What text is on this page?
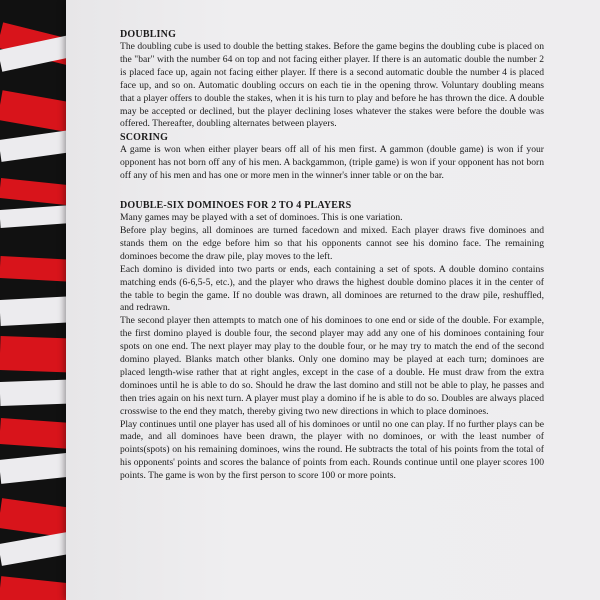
DOUBLING

The doubling cube is used to double the betting stakes. Before the game begins the doubling cube is placed on the "bar" with the number 64 on top and not facing either player. If there is an automatic double the number 2 is placed face up, again not facing either player. If there is a second automatic double the number 4 is placed face up, and so on. Automatic doubling occurs on each tie in the opening throw. Voluntary doubling means that a player offers to double the stakes, when it is his turn to play and before he has thrown the dice. A double may be accepted or declined, but the player declining loses whatever the stakes were before the double was offered. Thereafter, doubling alternates between players.

SCORING

A game is won when either player bears off all of his men first. A gammon (double game) is won if your opponent has not born off any of his men. A backgammon, (triple game) is won if your opponent has not born off any of his men and has one or more men in the winner's inner table or on the bar.

DOUBLE-SIX DOMINOES FOR 2 TO 4 PLAYERS

Many games may be played with a set of dominoes. This is one variation.

Before play begins, all dominoes are turned facedown and mixed. Each player draws five dominoes and stands them on the edge before him so that his opponents cannot see his domino face. The remaining dominoes become the draw pile, play moves to the left.

Each domino is divided into two parts or ends, each containing a set of spots. A double domino contains matching ends (6-6,5-5, etc.), and the player who draws the highest double domino places it in the center of the table to begin the game. If no double was drawn, all dominoes are returned to the draw pile, reshuffled, and redrawn.

The second player then attempts to match one of his dominoes to one end or side of the double. For example, the first domino played is double four, the second player may add any one of his dominoes containing four spots on one end. The next player may play to the double four, or he may try to match the end of the second domino played. Blanks match other blanks. Only one domino may be played at each turn; dominoes are placed length-wise rather that at right angles, except in the case of a double. He must draw from the extra dominoes until he is able to do so. Should he draw the last domino and still not be able to play, he passes and then tries again on his next turn. A player must play a domino if he is able to do so. Doubles are always placed crosswise to the end they match, thereby giving two new directions in which to place dominoes.

Play continues until one player has used all of his dominoes or until no one can play. If no further plays can be made, and all dominoes have been drawn, the player with no dominoes, or with the least number of points(spots) on his remaining dominoes, wins the round. He subtracts the total of his points from the total of his opponents' points and scores the balance of points from each. Rounds continue until one player scores 100 points. The game is won by the first person to score 100 or more points.
